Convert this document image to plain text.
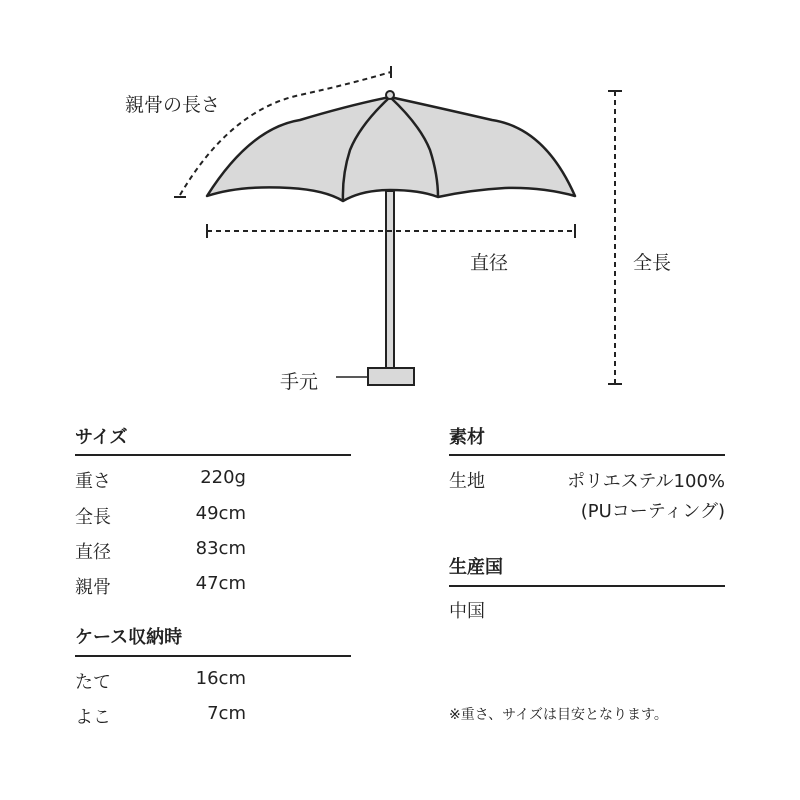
親骨の長さ
直径	全長
手元
サイズ
重さ	220g
全長	49cm
直径	83cm
親骨	47cm
ケース収納時
たて	16cm
よこ	7cm
素材
生地	ポリエステル100%
(PUコーティング)
生産国
中国
※重さ、サイズは目安となります。
